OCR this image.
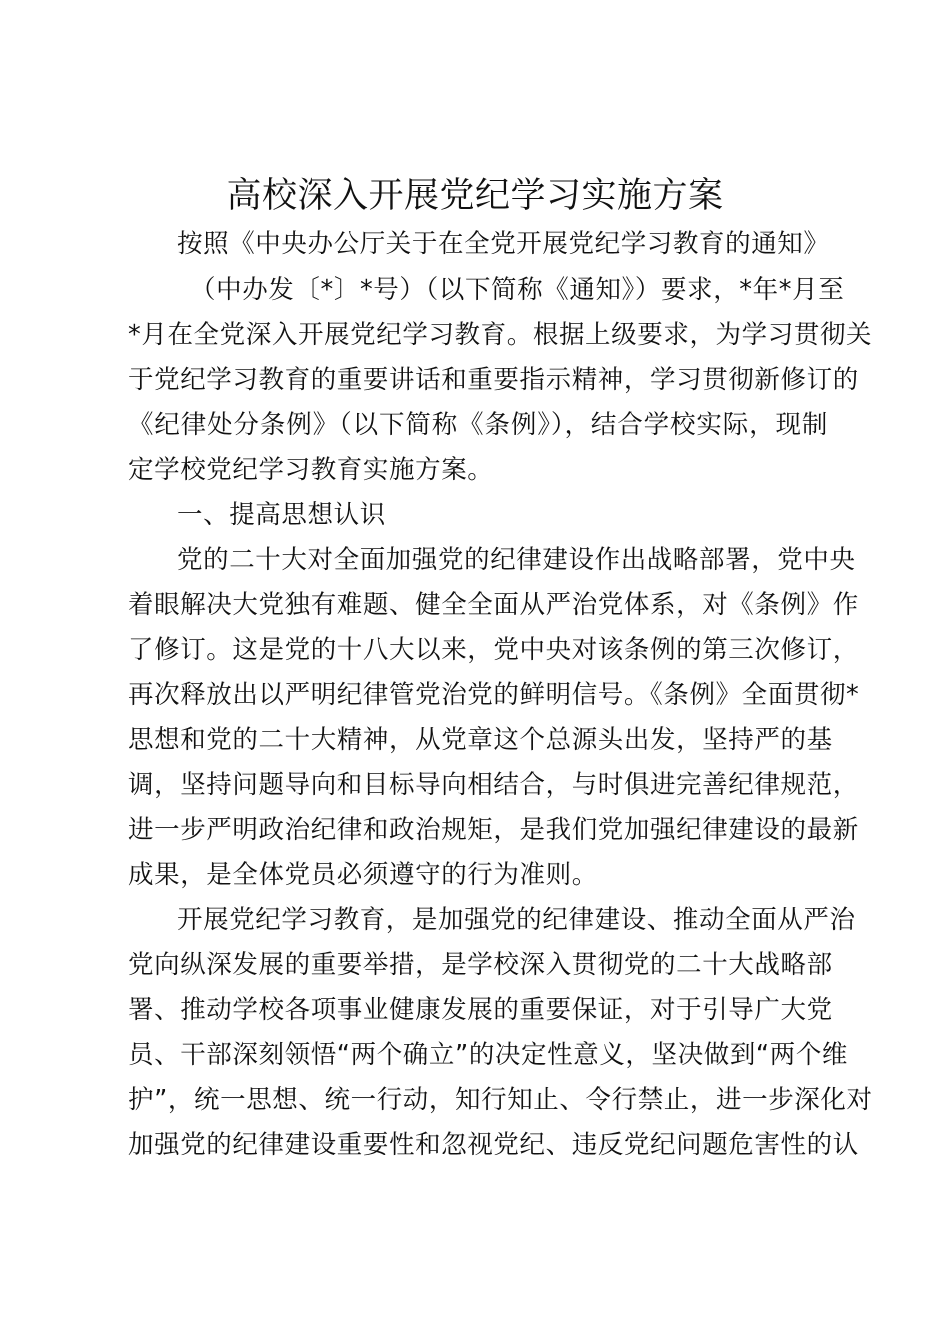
高校深入开展党纪学习实施方案
按照《中央办公厅关于在全党开展党纪学习教育的通知》
（中办发〔*〕*号）（以下简称《通知》）要求，*年*月至
*月在全党深入开展党纪学习教育。根据上级要求，为学习贯彻关
于党纪学习教育的重要讲话和重要指示精神，学习贯彻新修订的
《纪律处分条例》（以下简称《条例》），结合学校实际，现制
定学校党纪学习教育实施方案。
一、提高思想认识
党的二十大对全面加强党的纪律建设作出战略部署，党中央
着眼解决大党独有难题、健全全面从严治党体系，对《条例》作
了修订。这是党的十八大以来，党中央对该条例的第三次修订，
再次释放出以严明纪律管党治党的鲜明信号。《条例》全面贯彻*
思想和党的二十大精神，从党章这个总源头出发，坚持严的基
调，坚持问题导向和目标导向相结合，与时俱进完善纪律规范，
进一步严明政治纪律和政治规矩，是我们党加强纪律建设的最新
成果，是全体党员必须遵守的行为准则。
开展党纪学习教育，是加强党的纪律建设、推动全面从严治
党向纵深发展的重要举措，是学校深入贯彻党的二十大战略部
署、推动学校各项事业健康发展的重要保证，对于引导广大党
员、干部深刻领悟“两个确立”的决定性意义，坚决做到“两个维
护”，统一思想、统一行动，知行知止、令行禁止，进一步深化对
加强党的纪律建设重要性和忽视党纪、违反党纪问题危害性的认
